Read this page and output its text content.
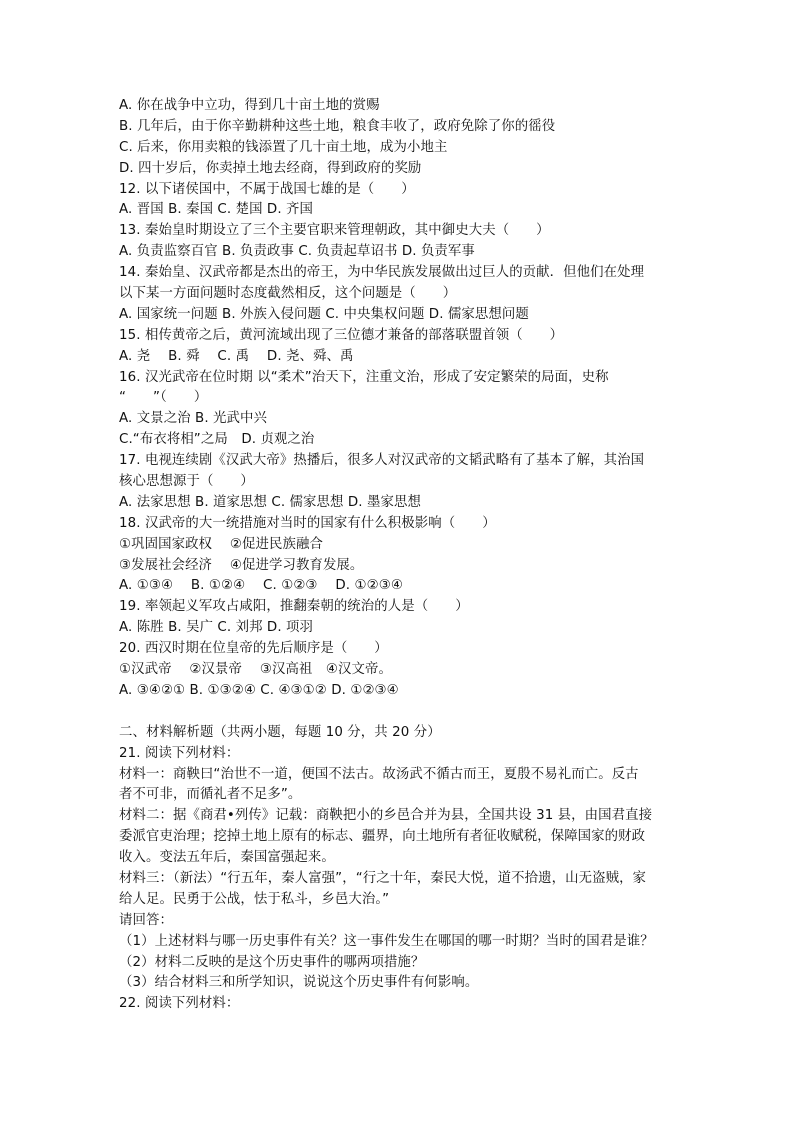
A. 你在战争中立功，得到几十亩土地的赏赐
B. 几年后，由于你辛勤耕种这些土地，粮食丰收了，政府免除了你的徭役
C. 后来，你用卖粮的钱添置了几十亩土地，成为小地主
D. 四十岁后，你卖掉土地去经商，得到政府的奖励
12. 以下诸侯国中，不属于战国七雄的是（　　）
A. 晋国 B. 秦国 C. 楚国 D. 齐国
13. 秦始皇时期设立了三个主要官职来管理朝政，其中御史大夫（　　）
A. 负责监察百官 B. 负责政事 C. 负责起草诏书 D. 负责军事
14. 秦始皇、汉武帝都是杰出的帝王，为中华民族发展做出过巨人的贡献．但他们在处理
以下某一方面问题时态度截然相反，这个问题是（　　）
A. 国家统一问题 B. 外族入侵问题 C. 中央集权问题 D. 儒家思想问题
15. 相传黄帝之后，黄河流域出现了三位德才兼备的部落联盟首领（　　）
A. 尧　 B. 舜　 C. 禹　 D. 尧、舜、禹
16. 汉光武帝在位时期 以“柔术”治天下，注重文治，形成了安定繁荣的局面，史称
“　　”（　　）
A. 文景之治 B. 光武中兴
C.“布衣将相”之局　D. 贞观之治
17. 电视连续剧《汉武大帝》热播后，很多人对汉武帝的文韬武略有了基本了解，其治国
核心思想源于（　　）
A. 法家思想 B. 道家思想 C. 儒家思想 D. 墨家思想
18. 汉武帝的大一统措施对当时的国家有什么积极影响（　　）
①巩固国家政权　 ②促进民族融合
③发展社会经济　 ④促进学习教育发展。
A. ①③④　 B. ①②④　 C. ①②③　 D. ①②③④
19. 率领起义军攻占咸阳，推翻秦朝的统治的人是（　　）
A. 陈胜 B. 吴广 C. 刘邦 D. 项羽
20. 西汉时期在位皇帝的先后顺序是（　　）
①汉武帝　 ②汉景帝　 ③汉高祖　④汉文帝。
A. ③④②① B. ①③②④ C. ④③①② D. ①②③④
二、材料解析题（共两小题，每题 10 分，共 20 分）
21. 阅读下列材料：
材料一：商鞅曰“治世不一道，便国不法古。故汤武不循古而王，夏殷不易礼而亡。反古
者不可非，而循礼者不足多”。
材料二：据《商君•列传》记载：商鞅把小的乡邑合并为县，全国共设 31 县，由国君直接
委派官吏治理；挖掉土地上原有的标志、疆界，向土地所有者征收赋税，保障国家的财政
收入。变法五年后，秦国富强起来。
材料三：（新法）“行五年，秦人富强”，“行之十年，秦民大悦，道不拾遗，山无盗贼，家
给人足。民勇于公战，怯于私斗，乡邑大治。”
请回答：
（1）上述材料与哪一历史事件有关？这一事件发生在哪国的哪一时期？当时的国君是谁？
（2）材料二反映的是这个历史事件的哪两项措施？
（3）结合材料三和所学知识，说说这个历史事件有何影响。
22. 阅读下列材料：
